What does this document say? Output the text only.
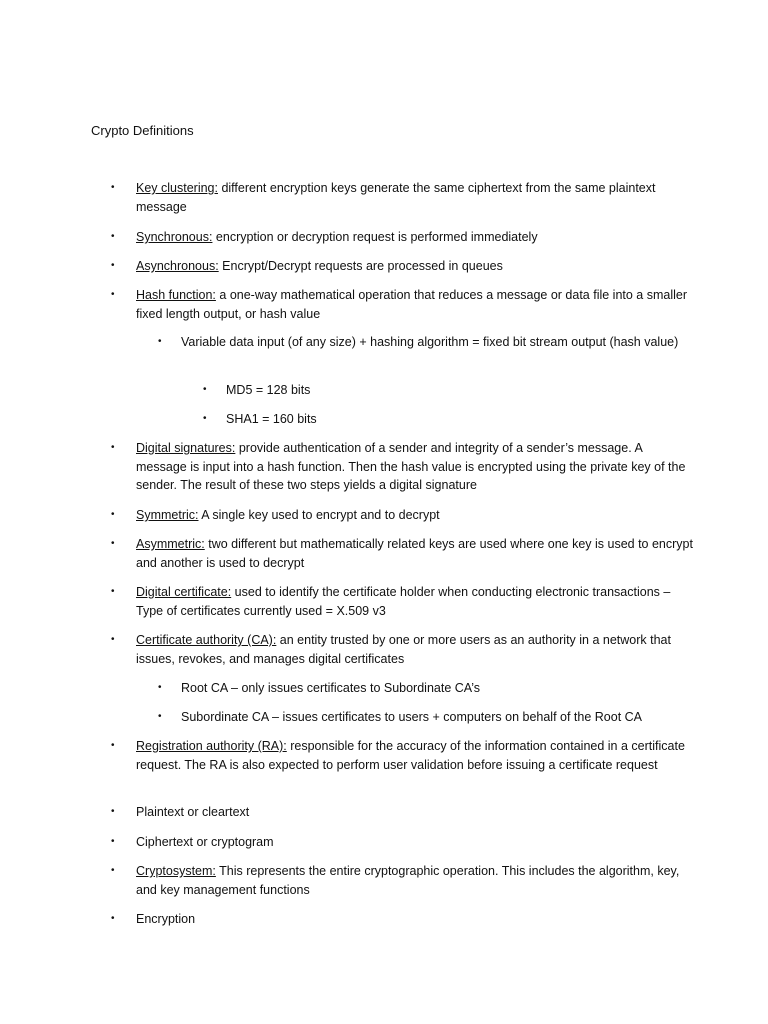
Crypto Definitions
• Key clustering: different encryption keys generate the same ciphertext from the same plaintext message
• Synchronous: encryption or decryption request is performed immediately
• Asynchronous: Encrypt/Decrypt requests are processed in queues
• Hash function: a one-way mathematical operation that reduces a message or data file into a smaller fixed length output, or hash value
• Variable data input (of any size) + hashing algorithm = fixed bit stream output (hash value)
• MD5 = 128 bits
• SHA1 = 160 bits
• Digital signatures: provide authentication of a sender and integrity of a sender’s message. A message is input into a hash function. Then the hash value is encrypted using the private key of the sender. The result of these two steps yields a digital signature
• Symmetric: A single key used to encrypt and to decrypt
• Asymmetric: two different but mathematically related keys are used where one key is used to encrypt and another is used to decrypt
• Digital certificate: used to identify the certificate holder when conducting electronic transactions – Type of certificates currently used = X.509 v3
• Certificate authority (CA): an entity trusted by one or more users as an authority in a network that issues, revokes, and manages digital certificates
• Root CA – only issues certificates to Subordinate CA’s
• Subordinate CA – issues certificates to users + computers on behalf of the Root CA
• Registration authority (RA): responsible for the accuracy of the information contained in a certificate request. The RA is also expected to perform user validation before issuing a certificate request
• Plaintext or cleartext
• Ciphertext or cryptogram
• Cryptosystem: This represents the entire cryptographic operation. This includes the algorithm, key, and key management functions
• Encryption
